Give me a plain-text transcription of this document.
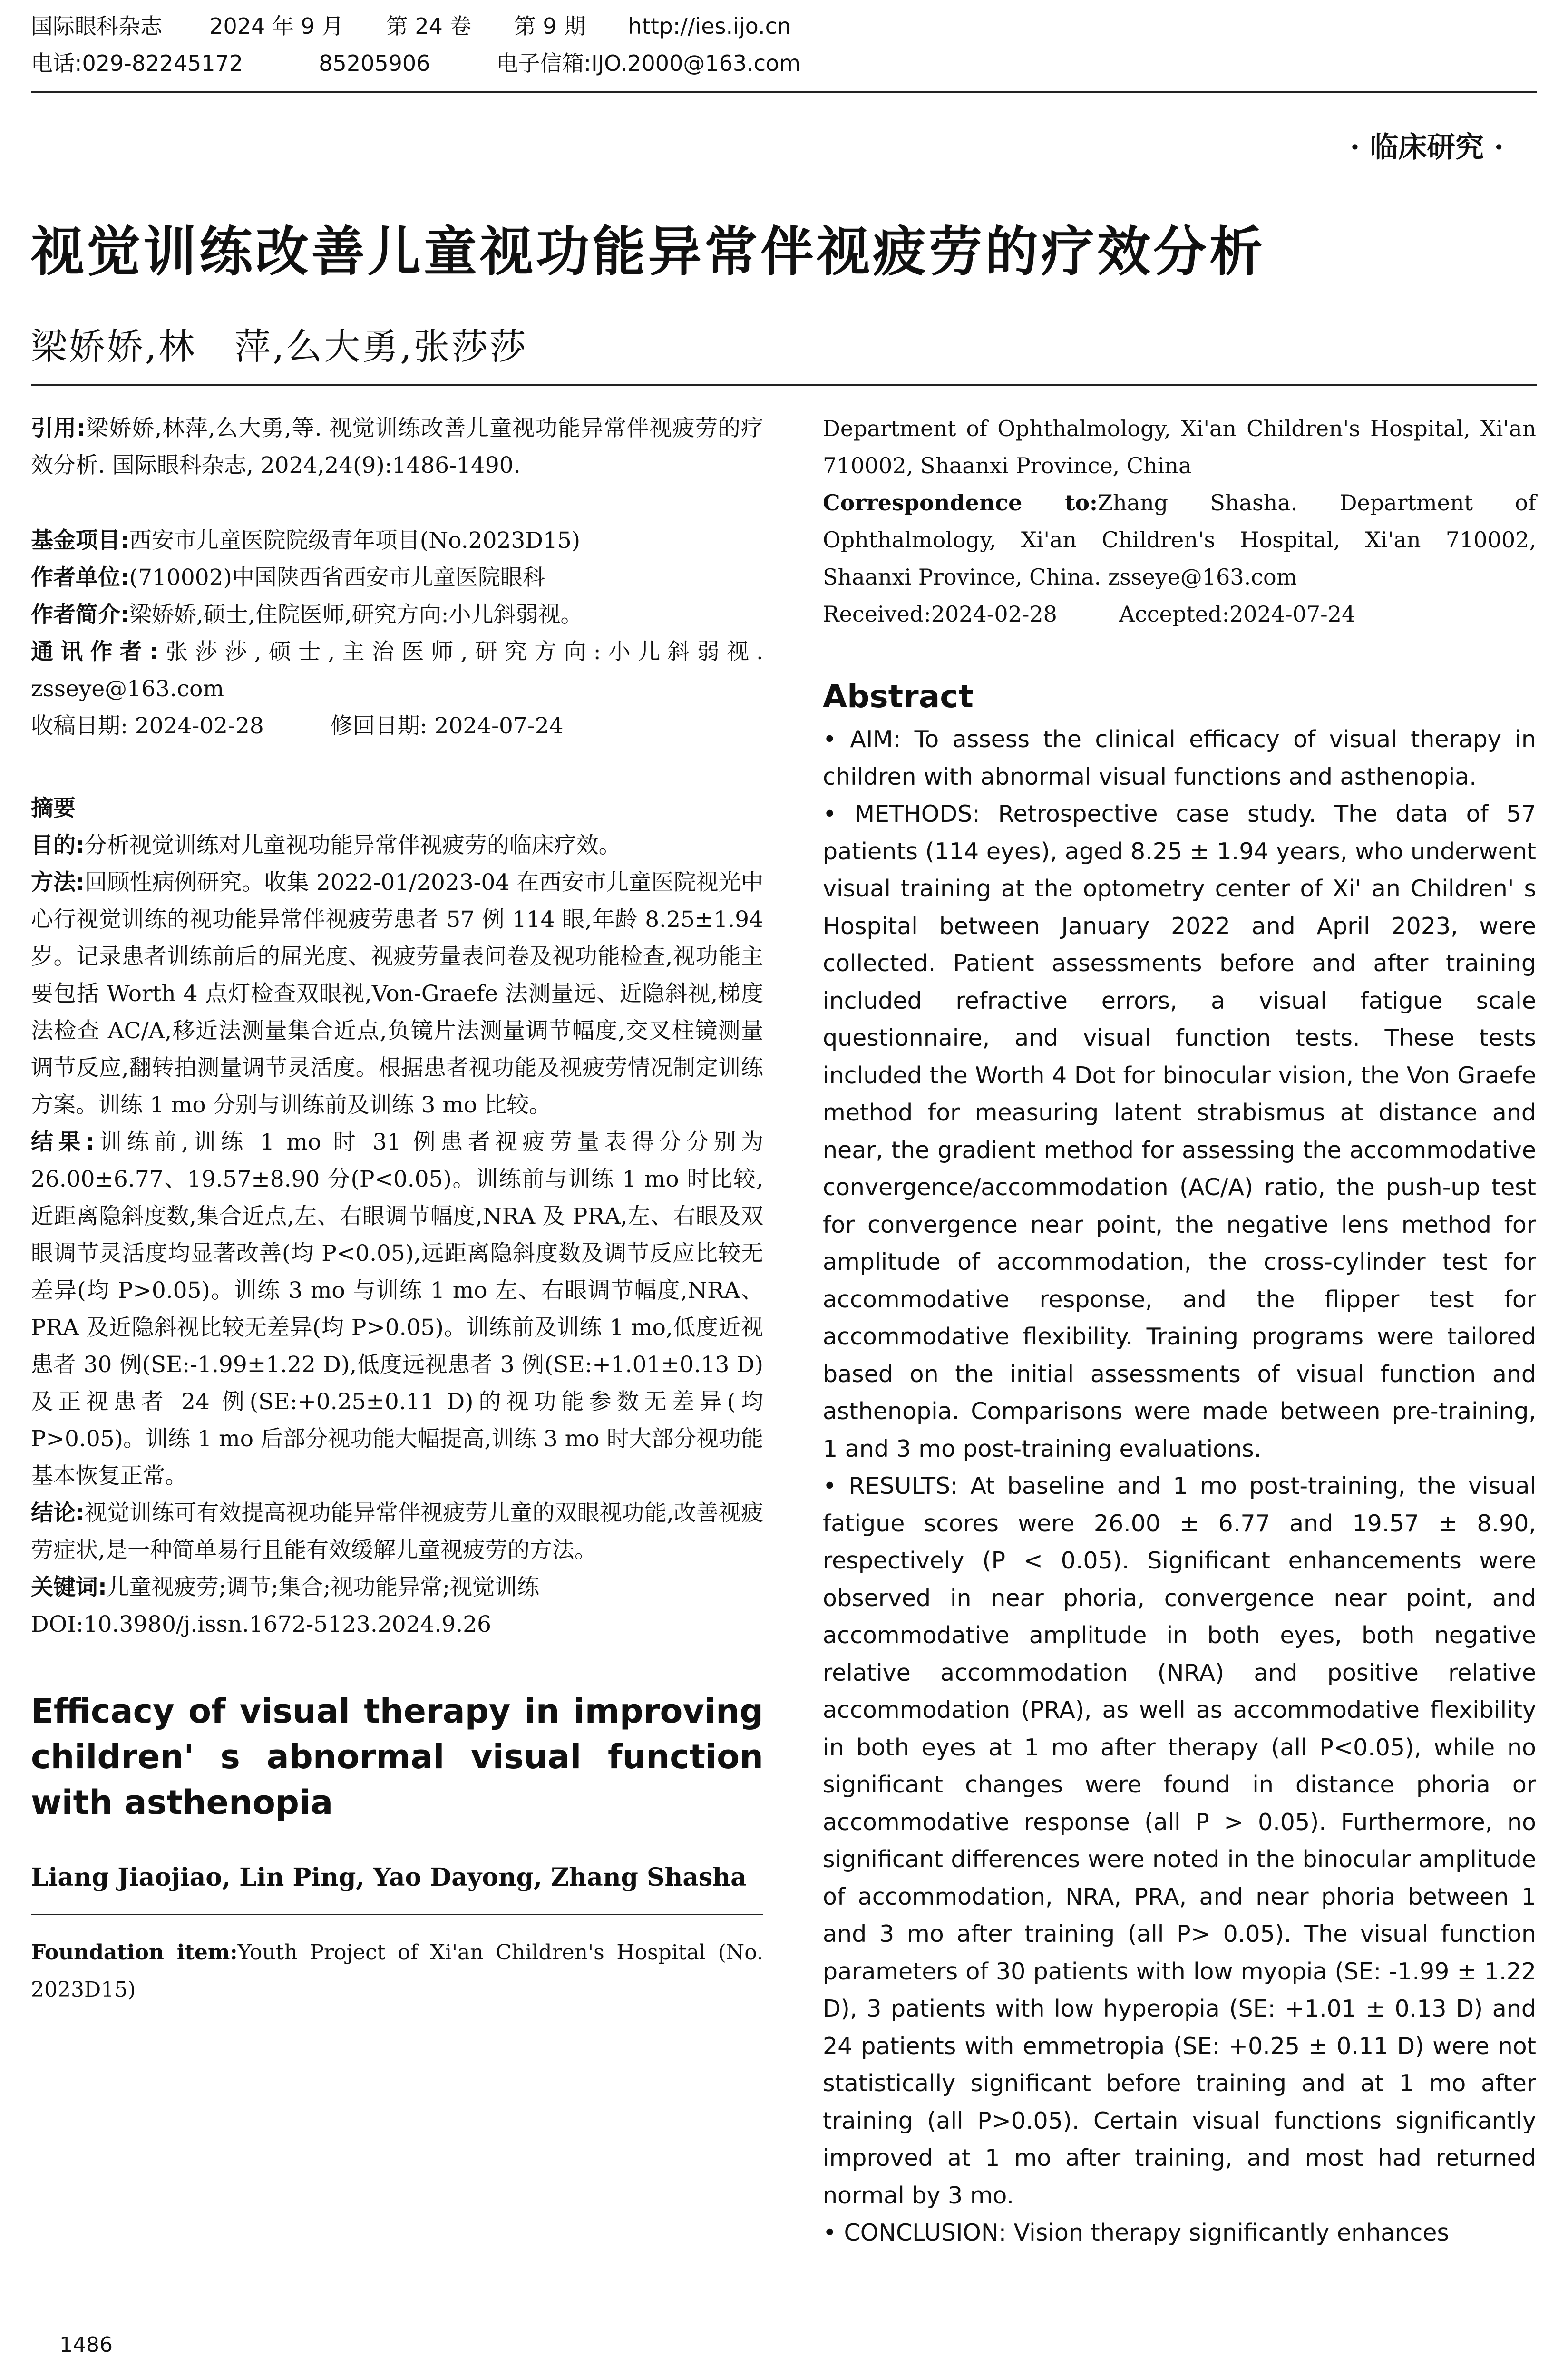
国际眼科杂志 2024 年 9 月 第 24 卷 第 9 期 http://ies.ijo.cn
电话:029-82245172	85205906	电子信箱:IJO.2000@163.com
· 临床研究 ·
视觉训练改善儿童视功能异常伴视疲劳的疗效分析
梁娇娇,林　萍,么大勇,张莎莎

引用:梁娇娇,林萍,么大勇,等. 视觉训练改善儿童视功能异常伴视疲劳的疗效分析. 国际眼科杂志, 2024,24(9):1486-1490.

基金项目:西安市儿童医院院级青年项目(No.2023D15)

作者单位:(710002)中国陕西省西安市儿童医院眼科

作者简介:梁娇娇,硕士,住院医师,研究方向:小儿斜弱视。

通讯作者:张莎莎,硕士,主治医师,研究方向:小儿斜弱视. zsseye@163.com

收稿日期: 2024-02-28	修回日期: 2024-07-24

摘要

目的:分析视觉训练对儿童视功能异常伴视疲劳的临床疗效。

方法:回顾性病例研究。收集 2022-01/2023-04 在西安市儿童医院视光中心行视觉训练的视功能异常伴视疲劳患者 57 例 114 眼,年龄 8.25±1.94 岁。记录患者训练前后的屈光度、视疲劳量表问卷及视功能检查,视功能主要包括 Worth 4 点灯检查双眼视,Von-Graefe 法测量远、近隐斜视,梯度法检查 AC/A,移近法测量集合近点,负镜片法测量调节幅度,交叉柱镜测量调节反应,翻转拍测量调节灵活度。根据患者视功能及视疲劳情况制定训练方案。训练 1 mo 分别与训练前及训练 3 mo 比较。

结果:训练前,训练 1 mo 时 31 例患者视疲劳量表得分分别为 26.00±6.77、19.57±8.90 分(P<0.05)。训练前与训练 1 mo 时比较,近距离隐斜度数,集合近点,左、右眼调节幅度,NRA 及 PRA,左、右眼及双眼调节灵活度均显著改善(均 P<0.05),远距离隐斜度数及调节反应比较无差异(均 P>0.05)。训练 3 mo 与训练 1 mo 左、右眼调节幅度,NRA、PRA 及近隐斜视比较无差异(均 P>0.05)。训练前及训练 1 mo,低度近视患者 30 例(SE:-1.99±1.22 D),低度远视患者 3 例(SE:+1.01±0.13 D)及正视患者 24 例(SE:+0.25±0.11 D)的视功能参数无差异(均 P>0.05)。训练 1 mo 后部分视功能大幅提高,训练 3 mo 时大部分视功能基本恢复正常。

结论:视觉训练可有效提高视功能异常伴视疲劳儿童的双眼视功能,改善视疲劳症状,是一种简单易行且能有效缓解儿童视疲劳的方法。

关键词:儿童视疲劳;调节;集合;视功能异常;视觉训练

DOI:10.3980/j.issn.1672-5123.2024.9.26

Efficacy of visual therapy in improving children' s abnormal visual function with asthenopia

Liang Jiaojiao, Lin Ping, Yao Dayong, Zhang Shasha

Foundation item:Youth Project of Xi'an Children's Hospital (No. 2023D15)

Department of Ophthalmology, Xi'an Children's Hospital, Xi'an 710002, Shaanxi Province, China

Correspondence to:Zhang Shasha. Department of Ophthalmology, Xi'an Children's Hospital, Xi'an 710002, Shaanxi Province, China. zsseye@163.com

Received:2024-02-28	Accepted:2024-07-24

Abstract

• AIM: To assess the clinical efficacy of visual therapy in children with abnormal visual functions and asthenopia.

• METHODS: Retrospective case study. The data of 57 patients (114 eyes), aged 8.25 ± 1.94 years, who underwent visual training at the optometry center of Xi' an Children' s Hospital between January 2022 and April 2023, were collected. Patient assessments before and after training included refractive errors, a visual fatigue scale questionnaire, and visual function tests. These tests included the Worth 4 Dot for binocular vision, the Von Graefe method for measuring latent strabismus at distance and near, the gradient method for assessing the accommodative convergence/accommodation (AC/A) ratio, the push-up test for convergence near point, the negative lens method for amplitude of accommodation, the cross-cylinder test for accommodative response, and the flipper test for accommodative flexibility. Training programs were tailored based on the initial assessments of visual function and asthenopia. Comparisons were made between pre-training, 1 and 3 mo post-training evaluations.

• RESULTS: At baseline and 1 mo post-training, the visual fatigue scores were 26.00 ± 6.77 and 19.57 ± 8.90, respectively (P < 0.05). Significant enhancements were observed in near phoria, convergence near point, and accommodative amplitude in both eyes, both negative relative accommodation (NRA) and positive relative accommodation (PRA), as well as accommodative flexibility in both eyes at 1 mo after therapy (all P<0.05), while no significant changes were found in distance phoria or accommodative response (all P > 0.05). Furthermore, no significant differences were noted in the binocular amplitude of accommodation, NRA, PRA, and near phoria between 1 and 3 mo after training (all P> 0.05). The visual function parameters of 30 patients with low myopia (SE: -1.99 ± 1.22 D), 3 patients with low hyperopia (SE: +1.01 ± 0.13 D) and 24 patients with emmetropia (SE: +0.25 ± 0.11 D) were not statistically significant before training and at 1 mo after training (all P>0.05). Certain visual functions significantly improved at 1 mo after training, and most had returned normal by 3 mo.

• CONCLUSION: Vision therapy significantly enhances

1486
